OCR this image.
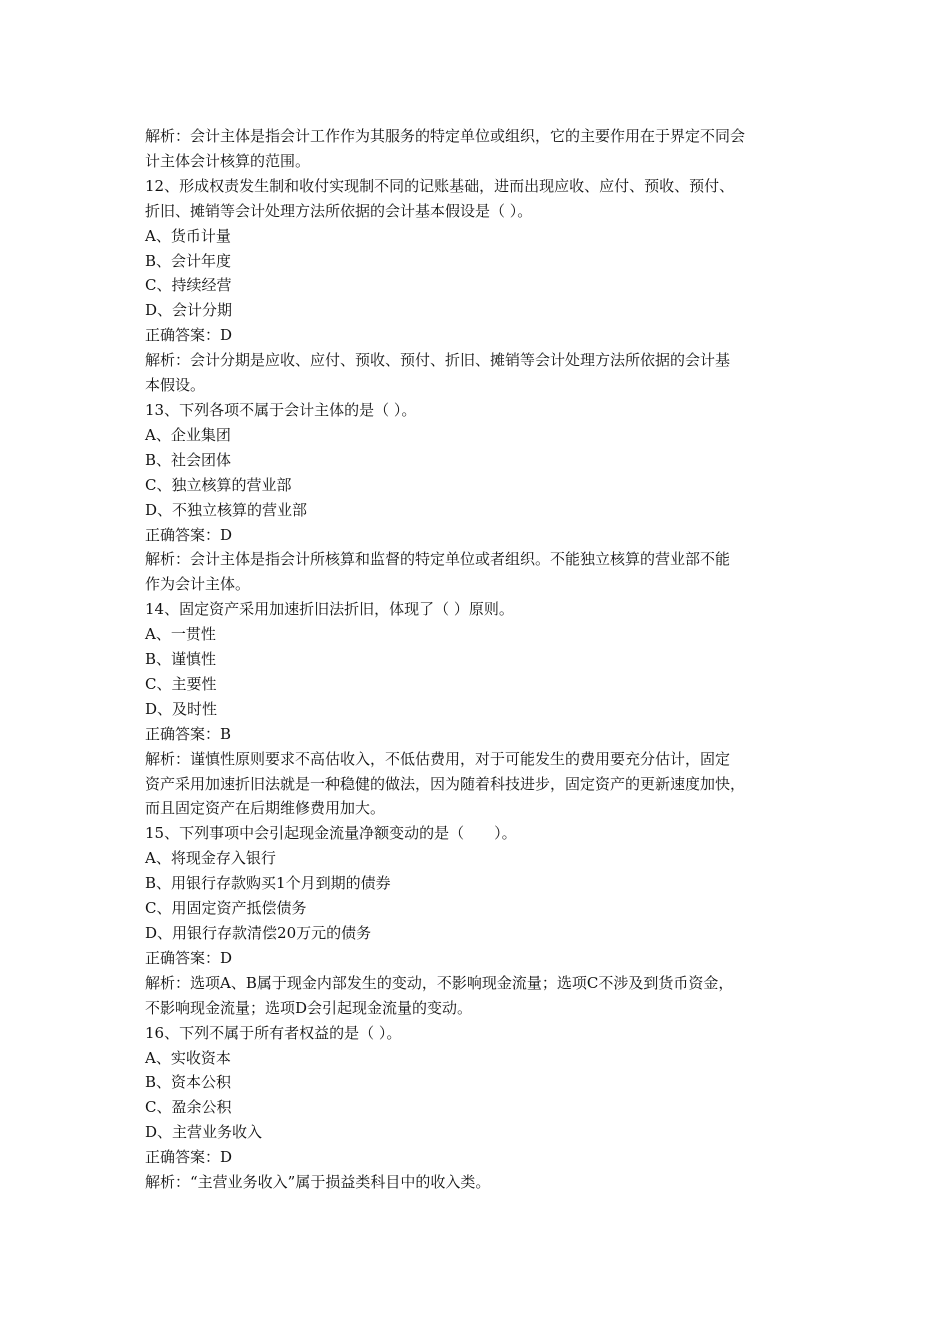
解析：会计主体是指会计工作作为其服务的特定单位或组织，它的主要作用在于界定不同会
计主体会计核算的范围。
12、形成权责发生制和收付实现制不同的记账基础，进而出现应收、应付、预收、预付、
折旧、摊销等会计处理方法所依据的会计基本假设是（ ）。
A、货币计量
B、会计年度
C、持续经营
D、会计分期
正确答案：D
解析：会计分期是应收、应付、预收、预付、折旧、摊销等会计处理方法所依据的会计基
本假设。
13、下列各项不属于会计主体的是（ ）。
A、企业集团
B、社会团体
C、独立核算的营业部
D、不独立核算的营业部
正确答案：D
解析：会计主体是指会计所核算和监督的特定单位或者组织。不能独立核算的营业部不能
作为会计主体。
14、固定资产采用加速折旧法折旧，体现了（ ）原则。
A、一贯性
B、谨慎性
C、主要性
D、及时性
正确答案：B
解析：谨慎性原则要求不高估收入，不低估费用，对于可能发生的费用要充分估计，固定
资产采用加速折旧法就是一种稳健的做法，因为随着科技进步，固定资产的更新速度加快，
而且固定资产在后期维修费用加大。
15、下列事项中会引起现金流量净额变动的是（　　）。
A、将现金存入银行
B、用银行存款购买1个月到期的债券
C、用固定资产抵偿债务
D、用银行存款清偿20万元的债务
正确答案：D
解析：选项A、B属于现金内部发生的变动，不影响现金流量；选项C不涉及到货币资金，
不影响现金流量；选项D会引起现金流量的变动。
16、下列不属于所有者权益的是（ ）。
A、实收资本
B、资本公积
C、盈余公积
D、主营业务收入
正确答案：D
解析：“主营业务收入”属于损益类科目中的收入类。
